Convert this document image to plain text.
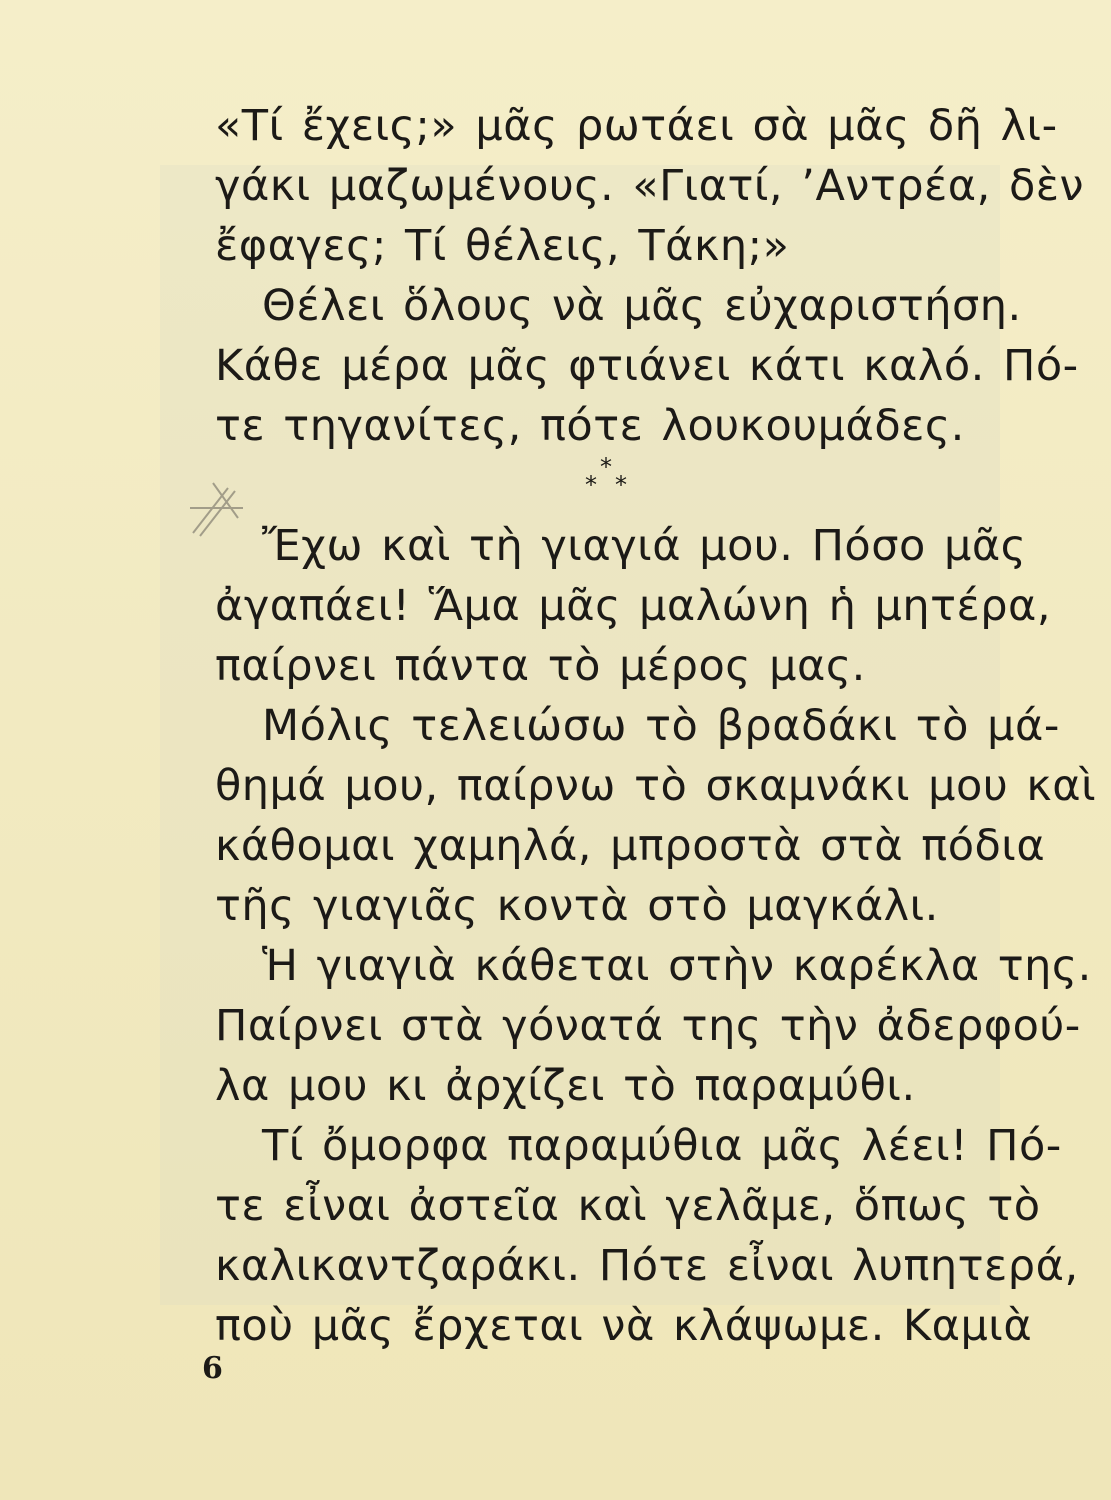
«Τί ἔχεις;» μᾶς ρωτάει σὰ μᾶς δῆ λι-
γάκι μαζωμένους. «Γιατί, ’Αντρέα, δὲν
ἔφαγες; Τί θέλεις, Τάκη;»
Θέλει ὅλους νὰ μᾶς εὐχαριστήση.
Κάθε μέρα μᾶς φτιάνει κάτι καλό. Πό-
τε τηγανίτες, πότε λουκουμάδες.
*
* *
Ἔχω καὶ τὴ γιαγιά μου. Πόσο μᾶς
ἀγαπάει! Ἅμα μᾶς μαλώνη ἡ μητέρα,
παίρνει πάντα τὸ μέρος μας.
Μόλις τελειώσω τὸ βραδάκι τὸ μά-
θημά μου, παίρνω τὸ σκαμνάκι μου καὶ
κάθομαι χαμηλά, μπροστὰ στὰ πόδια
τῆς γιαγιᾶς κοντὰ στὸ μαγκάλι.
Ἡ γιαγιὰ κάθεται στὴν καρέκλα της.
Παίρνει στὰ γόνατά της τὴν ἀδερφού-
λα μου κι ἀρχίζει τὸ παραμύθι.
Τί ὄμορφα παραμύθια μᾶς λέει! Πό-
τε εἶναι ἀστεῖα καὶ γελᾶμε, ὅπως τὸ
καλικαντζαράκι. Πότε εἶναι λυπητερά,
ποὺ μᾶς ἔρχεται νὰ κλάψωμε. Καμιὰ
6
